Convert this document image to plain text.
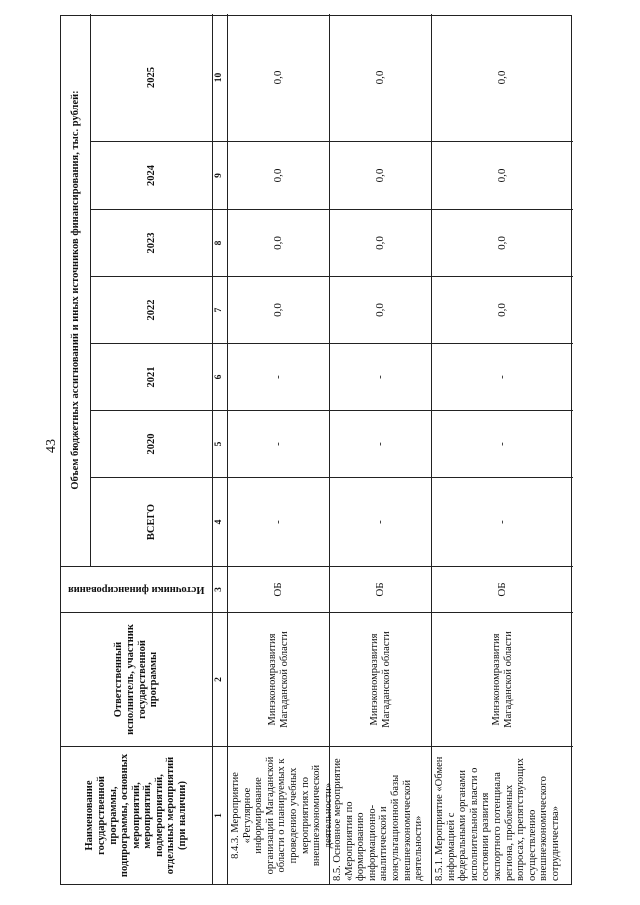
43
Наименование государственной программы, подпрограммы, основных мероприятий, мероприятий, подмероприятий, отдельных мероприятий (при наличии)
Ответственный исполнитель, участник государственной программы
Источники финансирования
Объем бюджетных ассигнований и иных источников финансирования, тыс. рублей:
ВСЕГО
2020
2021
2022
2023
2024
2025
1
2
3
4
5
6
7
8
9
10
8.4.3. Мероприятие «Регулярное информирование организаций Магаданской области о планируемых к проведению учебных мероприятиях по внешнеэкономической деятельности»
Минэкономразвития Магаданской области
ОБ
-
-
-
0,0
0,0
0,0
0,0
8.5. Основное мероприятие «Мероприятия по формированию информационно-аналитической и консультационной базы внешнеэкономической деятельности»
Минэкономразвития Магаданской области
ОБ
-
-
-
0,0
0,0
0,0
0,0
8.5.1. Мероприятие «Обмен информацией с федеральными органами исполнительной власти о состоянии развития экспортного потенциала региона, проблемных вопросах, препятствующих осуществлению внешнеэкономического сотрудничества»
Минэкономразвития Магаданской области
ОБ
-
-
-
0,0
0,0
0,0
0,0
